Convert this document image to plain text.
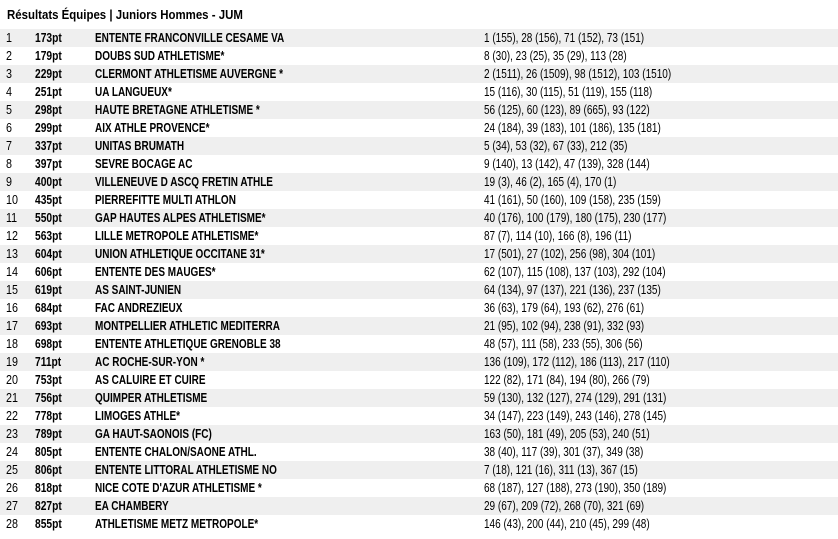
Résultats Équipes | Juniors Hommes - JUM
1 173pt	ENTENTE FRANCONVILLE CESAME VA	1 (155), 28 (156), 71 (152), 73 (151)
2 179pt	DOUBS SUD ATHLETISME*	8 (30), 23 (25), 35 (29), 113 (28)
3 229pt	CLERMONT ATHLETISME AUVERGNE *	2 (1511), 26 (1509), 98 (1512), 103 (1510)
4 251pt	UA LANGUEUX*	15 (116), 30 (115), 51 (119), 155 (118)
5 298pt	HAUTE BRETAGNE ATHLETISME *	56 (125), 60 (123), 89 (665), 93 (122)
6 299pt	AIX ATHLE PROVENCE*	24 (184), 39 (183), 101 (186), 135 (181)
7 337pt	UNITAS BRUMATH	5 (34), 53 (32), 67 (33), 212 (35)
8 397pt	SEVRE BOCAGE AC	9 (140), 13 (142), 47 (139), 328 (144)
9 400pt	VILLENEUVE D ASCQ FRETIN ATHLE	19 (3), 46 (2), 165 (4), 170 (1)
10 435pt	PIERREFITTE MULTI ATHLON	41 (161), 50 (160), 109 (158), 235 (159)
11 550pt	GAP HAUTES ALPES ATHLETISME*	40 (176), 100 (179), 180 (175), 230 (177)
12 563pt	LILLE METROPOLE ATHLETISME*	87 (7), 114 (10), 166 (8), 196 (11)
13 604pt	UNION ATHLETIQUE OCCITANE 31*	17 (501), 27 (102), 256 (98), 304 (101)
14 606pt	ENTENTE DES MAUGES*	62 (107), 115 (108), 137 (103), 292 (104)
15 619pt	AS SAINT-JUNIEN	64 (134), 97 (137), 221 (136), 237 (135)
16 684pt	FAC ANDREZIEUX	36 (63), 179 (64), 193 (62), 276 (61)
17 693pt	MONTPELLIER ATHLETIC MEDITERRA	21 (95), 102 (94), 238 (91), 332 (93)
18 698pt	ENTENTE ATHLETIQUE GRENOBLE 38	48 (57), 111 (58), 233 (55), 306 (56)
19 711pt	AC ROCHE-SUR-YON *	136 (109), 172 (112), 186 (113), 217 (110)
20 753pt	AS CALUIRE ET CUIRE	122 (82), 171 (84), 194 (80), 266 (79)
21 756pt	QUIMPER ATHLETISME	59 (130), 132 (127), 274 (129), 291 (131)
22 778pt	LIMOGES ATHLE*	34 (147), 223 (149), 243 (146), 278 (145)
23 789pt	GA HAUT-SAONOIS (FC)	163 (50), 181 (49), 205 (53), 240 (51)
24 805pt	ENTENTE CHALON/SAONE ATHL.	38 (40), 117 (39), 301 (37), 349 (38)
25 806pt	ENTENTE LITTORAL ATHLETISME NO	7 (18), 121 (16), 311 (13), 367 (15)
26 818pt	NICE COTE D'AZUR ATHLETISME *	68 (187), 127 (188), 273 (190), 350 (189)
27 827pt	EA CHAMBERY	29 (67), 209 (72), 268 (70), 321 (69)
28 855pt	ATHLETISME METZ METROPOLE*	146 (43), 200 (44), 210 (45), 299 (48)
